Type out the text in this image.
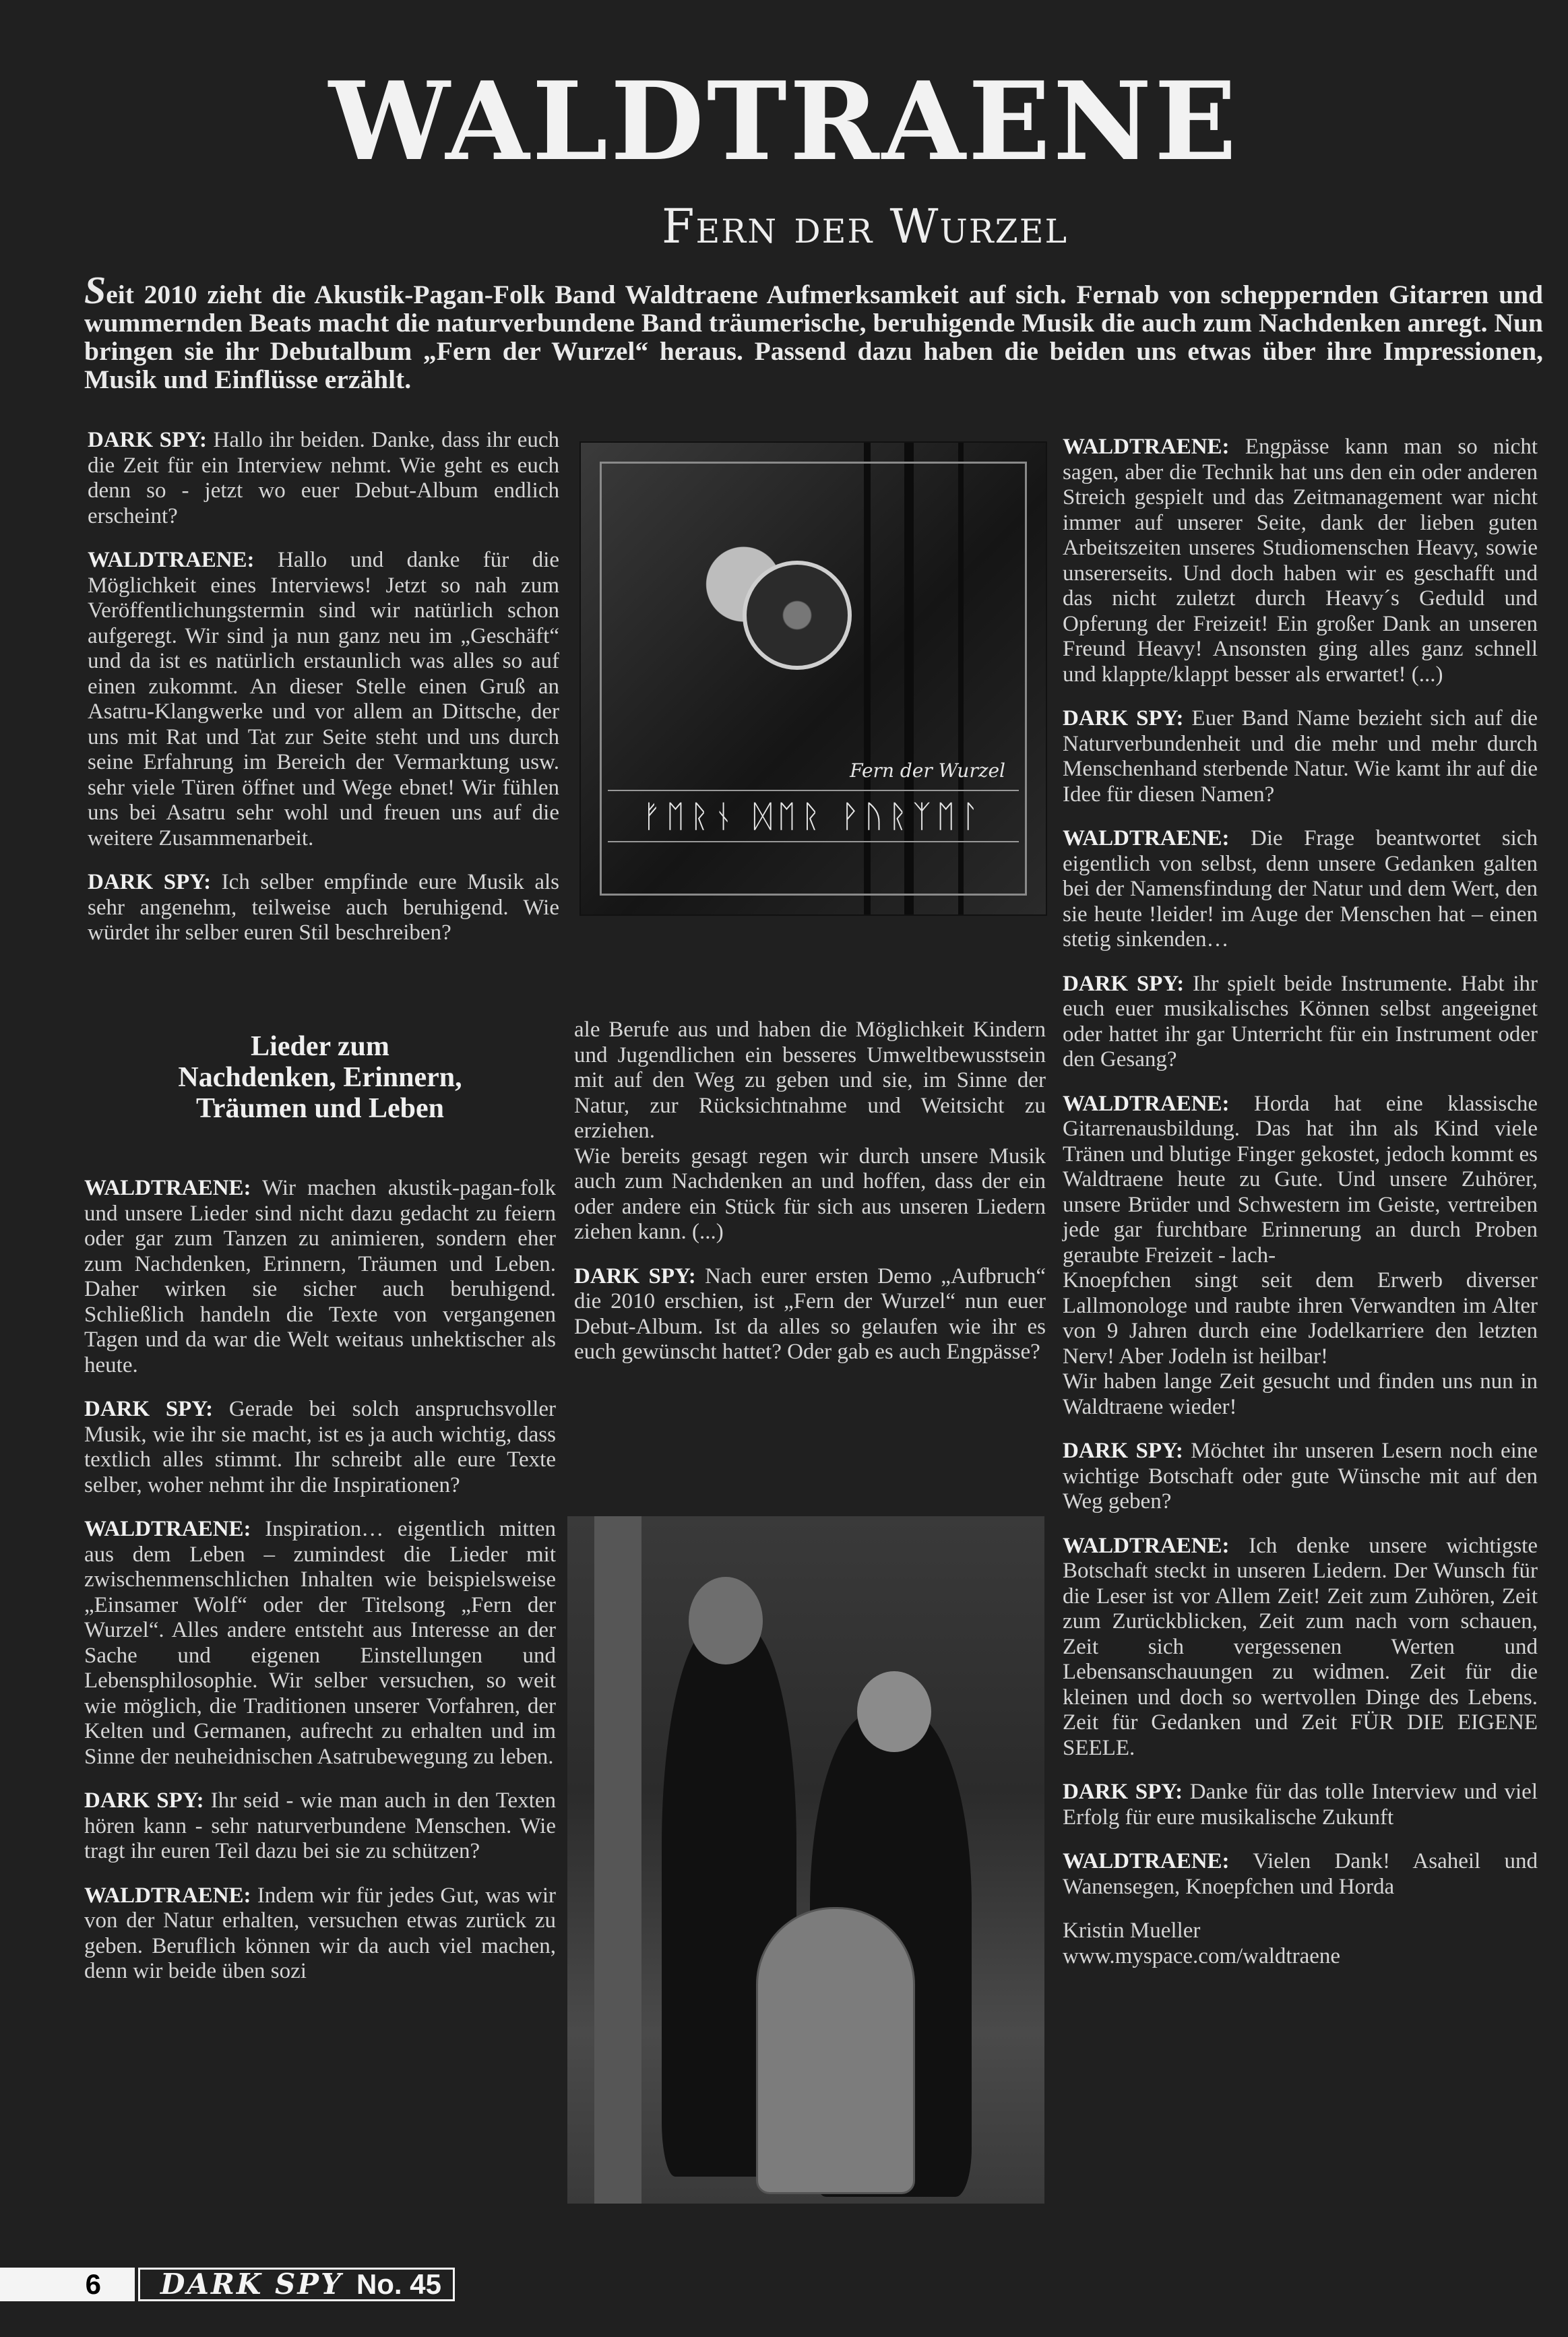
WALDTRAENE
Fern der Wurzel
Seit 2010 zieht die Akustik-Pagan-Folk Band Waldtraene Aufmerksamkeit auf sich. Fernab von scheppernden Gitarren und wummernden Beats macht die naturverbundene Band träumerische, beruhigende Musik die auch zum Nachdenken anregt. Nun bringen sie ihr Debutalbum „Fern der Wurzel“ heraus. Passend dazu haben die beiden uns etwas über ihre Impressionen, Musik und Einflüsse erzählt.

DARK SPY: Hallo ihr beiden. Danke, dass ihr euch die Zeit für ein Interview nehmt. Wie geht es euch denn so - jetzt wo euer Debut-Album endlich erscheint?

WALDTRAENE: Hallo und danke für die Möglichkeit eines Interviews! Jetzt so nah zum Veröffentlichungstermin sind wir natürlich schon aufgeregt. Wir sind ja nun ganz neu im „Geschäft“ und da ist es natürlich erstaunlich was alles so auf einen zukommt. An dieser Stelle einen Gruß an Asatru-Klangwerke und vor allem an Dittsche, der uns mit Rat und Tat zur Seite steht und uns durch seine Erfahrung im Bereich der Vermarktung usw. sehr viele Türen öffnet und Wege ebnet! Wir fühlen uns bei Asatru sehr wohl und freuen uns auf die weitere Zusammenarbeit.

DARK SPY: Ich selber empfinde eure Musik als sehr angenehm, teilweise auch beruhigend. Wie würdet ihr selber euren Stil beschreiben?

Lieder zum
Nachdenken, Erinnern,
Träumen und Leben

WALDTRAENE: Wir machen akustik-pagan-folk und unsere Lieder sind nicht dazu gedacht zu feiern oder gar zum Tanzen zu animieren, sondern eher zum Nachdenken, Erinnern, Träumen und Leben. Daher wirken sie sicher auch beruhigend. Schließlich handeln die Texte von vergangenen Tagen und da war die Welt weitaus unhektischer als heute.

DARK SPY: Gerade bei solch anspruchsvoller Musik, wie ihr sie macht, ist es ja auch wichtig, dass textlich alles stimmt. Ihr schreibt alle eure Texte selber, woher nehmt ihr die Inspirationen?

WALDTRAENE: Inspiration… eigentlich mitten aus dem Leben – zumindest die Lieder mit zwischenmenschlichen Inhalten wie beispielsweise „Einsamer Wolf“ oder der Titelsong „Fern der Wurzel“. Alles andere entsteht aus Interesse an der Sache und eigenen Einstellungen und Lebensphilosophie. Wir selber versuchen, so weit wie möglich, die Traditionen unserer Vorfahren, der Kelten und Germanen, aufrecht zu erhalten und im Sinne der neuheidnischen Asatrubewegung zu leben.

DARK SPY: Ihr seid - wie man auch in den Texten hören kann - sehr naturverbundene Menschen. Wie tragt ihr euren Teil dazu bei sie zu schützen?

WALDTRAENE: Indem wir für jedes Gut, was wir von der Natur erhalten, versuchen etwas zurück zu geben. Beruflich können wir da auch viel machen, denn wir beide üben sozi

Fern der Wurzel
ᚠᛖᚱᚾ ᛞᛖᚱ ᚹᚢᚱᛉᛖᛚ

ale Berufe aus und haben die Möglichkeit Kindern und Jugendlichen ein besseres Umweltbewusstsein mit auf den Weg zu geben und sie, im Sinne der Natur, zur Rücksichtnahme und Weitsicht zu erziehen.

Wie bereits gesagt regen wir durch unsere Musik auch zum Nachdenken an und hoffen, dass der ein oder andere ein Stück für sich aus unseren Liedern ziehen kann. (...)

DARK SPY: Nach eurer ersten Demo „Aufbruch“ die 2010 erschien, ist „Fern der Wurzel“ nun euer Debut-Album. Ist da alles so gelaufen wie ihr es euch gewünscht hattet? Oder gab es auch Engpässe?

WALDTRAENE: Engpässe kann man so nicht sagen, aber die Technik hat uns den ein oder anderen Streich gespielt und das Zeitmanagement war nicht immer auf unserer Seite, dank der lieben guten Arbeitszeiten unseres Studiomenschen Heavy, sowie unsererseits. Und doch haben wir es geschafft und das nicht zuletzt durch Heavy´s Geduld und Opferung der Freizeit! Ein großer Dank an unseren Freund Heavy! Ansonsten ging alles ganz schnell und klappte/klappt besser als erwartet! (...)

DARK SPY: Euer Band Name bezieht sich auf die Naturverbundenheit und die mehr und mehr durch Menschenhand sterbende Natur. Wie kamt ihr auf die Idee für diesen Namen?

WALDTRAENE: Die Frage beantwortet sich eigentlich von selbst, denn unsere Gedanken galten bei der Namensfindung der Natur und dem Wert, den sie heute !leider! im Auge der Menschen hat – einen stetig sinkenden…

DARK SPY: Ihr spielt beide Instrumente. Habt ihr euch euer musikalisches Können selbst angeeignet oder hattet ihr gar Unterricht für ein Instrument oder den Gesang?

WALDTRAENE: Horda hat eine klassische Gitarrenausbildung. Das hat ihn als Kind viele Tränen und blutige Finger gekostet, jedoch kommt es Waldtraene heute zu Gute. Und unsere Zuhörer, unsere Brüder und Schwestern im Geiste, vertreiben jede gar furchtbare Erinnerung an durch Proben geraubte Freizeit - lach-

Knoepfchen singt seit dem Erwerb diverser Lallmonologe und raubte ihren Verwandten im Alter von 9 Jahren durch eine Jodelkarriere den letzten Nerv! Aber Jodeln ist heilbar!

Wir haben lange Zeit gesucht und finden uns nun in Waldtraene wieder!

DARK SPY: Möchtet ihr unseren Lesern noch eine wichtige Botschaft oder gute Wünsche mit auf den Weg geben?

WALDTRAENE: Ich denke unsere wichtigste Botschaft steckt in unseren Liedern. Der Wunsch für die Leser ist vor Allem Zeit! Zeit zum Zuhören, Zeit zum Zurückblicken, Zeit zum nach vorn schauen, Zeit sich vergessenen Werten und Lebensanschauungen zu widmen. Zeit für die kleinen und doch so wertvollen Dinge des Lebens. Zeit für Gedanken und Zeit FÜR DIE EIGENE SEELE.

DARK SPY: Danke für das tolle Interview und viel Erfolg für eure musikalische Zukunft

WALDTRAENE: Vielen Dank! Asaheil und Wanensegen, Knoepfchen und Horda

Kristin Mueller

www.myspace.com/waldtraene

6	DARK SPY No. 45
